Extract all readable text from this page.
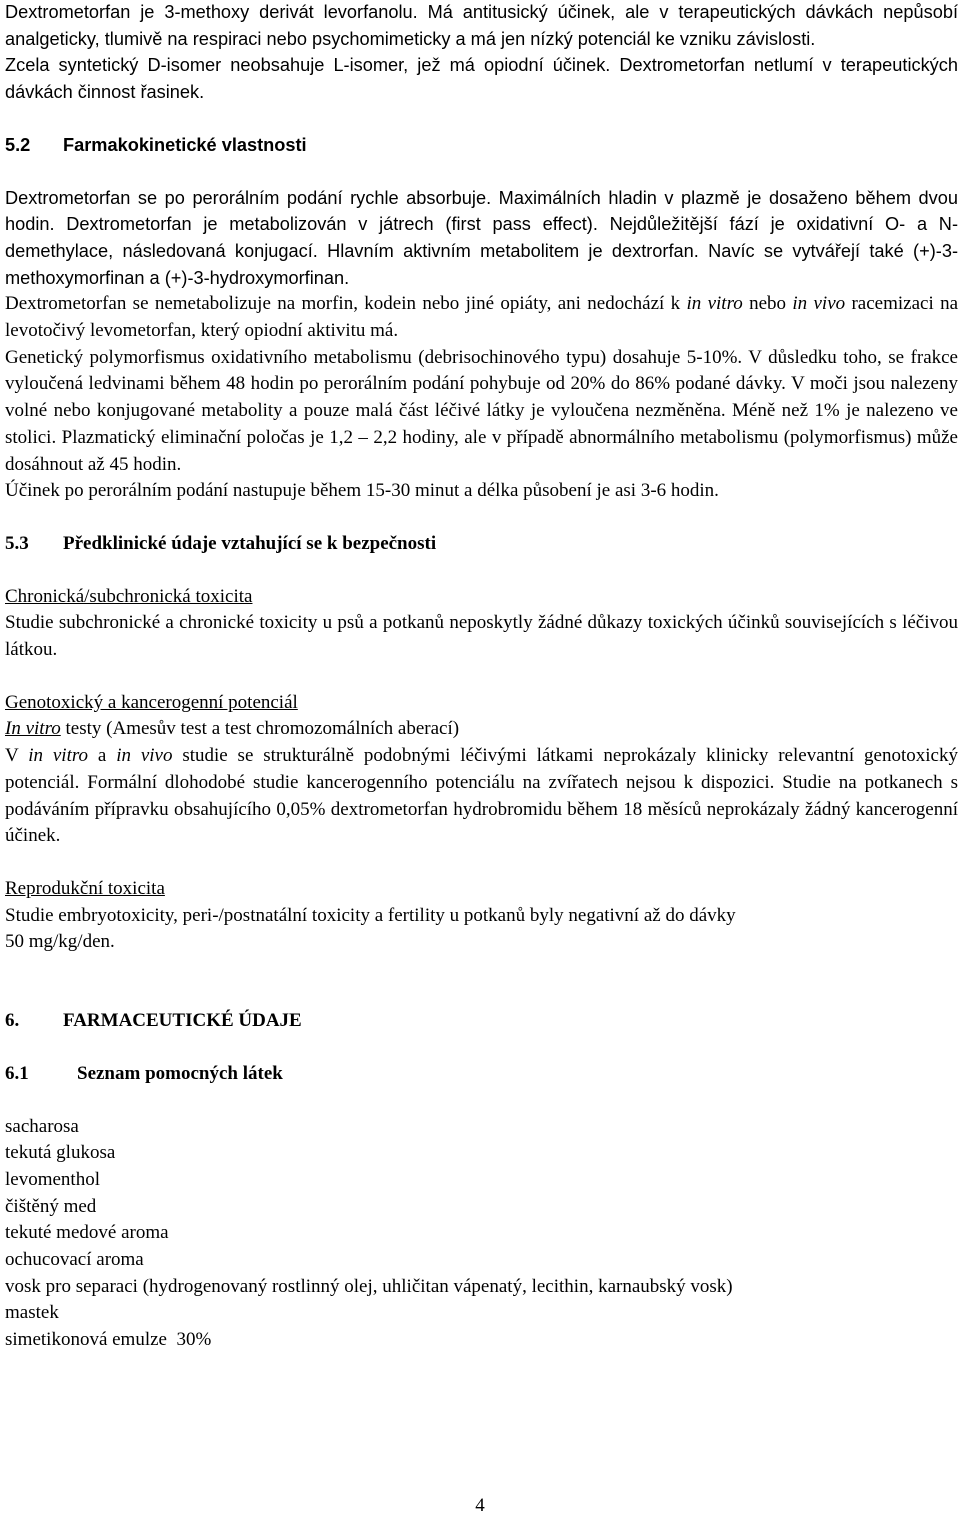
Dextrometorfan je 3-methoxy derivát levorfanolu. Má antitusický účinek, ale v terapeutických dávkách nepůsobí analgeticky, tlumivě na respiraci nebo psychomimeticky a má jen nízký potenciál ke vzniku závislosti.

Zcela syntetický D-isomer neobsahuje L-isomer, jež má opiodní účinek. Dextrometorfan netlumí v terapeutických dávkách činnost řasinek.

5.2 Farmakokinetické vlastnosti

Dextrometorfan se po perorálním podání rychle absorbuje. Maximálních hladin v plazmě je dosaženo během dvou hodin. Dextrometorfan je metabolizován v játrech (first pass effect). Nejdůležitější fází je oxidativní O- a N-demethylace, následovaná konjugací. Hlavním aktivním metabolitem je dextrorfan. Navíc se vytvářejí také (+)-3-methoxymorfinan a (+)-3-hydroxymorfinan.

Dextrometorfan se nemetabolizuje na morfin, kodein nebo jiné opiáty, ani nedochází k in vitro nebo in vivo racemizaci na levotočivý levometorfan, který opiodní aktivitu má.

Genetický polymorfismus oxidativního metabolismu (debrisochinového typu) dosahuje 5-10%. V důsledku toho, se frakce vyloučená ledvinami během 48 hodin po perorálním podání pohybuje od 20% do 86% podané dávky. V moči jsou nalezeny volné nebo konjugované metabolity a pouze malá část léčivé látky je vyloučena nezměněna. Méně než 1% je nalezeno ve stolici. Plazmatický eliminační poločas je 1,2 – 2,2 hodiny, ale v případě abnormálního metabolismu (polymorfismus) může dosáhnout až 45 hodin.

Účinek po perorálním podání nastupuje během 15-30 minut a délka působení je asi 3-6 hodin.

5.3 Předklinické údaje vztahující se k bezpečnosti

Chronická/subchronická toxicita

Studie subchronické a chronické toxicity u psů a potkanů neposkytly žádné důkazy toxických účinků souvisejících s léčivou látkou.

Genotoxický a kancerogenní potenciál

In vitro testy (Amesův test a test chromozomálních aberací)

V in vitro a in vivo studie se strukturálně podobnými léčivými látkami neprokázaly klinicky relevantní genotoxický potenciál. Formální dlohodobé studie kancerogenního potenciálu na zvířatech nejsou k dispozici. Studie na potkanech s podáváním přípravku obsahujícího 0,05% dextrometorfan hydrobromidu během 18 měsíců neprokázaly žádný kancerogenní účinek.

Reprodukční toxicita

Studie embryotoxicity, peri-/postnatální toxicity a fertility u potkanů byly negativní až do dávky

50 mg/kg/den.

6. FARMACEUTICKÉ ÚDAJE

6.1	Seznam pomocných látek

sacharosa
tekutá glukosa
levomenthol
čištěný med
tekuté medové aroma
ochucovací aroma
vosk pro separaci (hydrogenovaný rostlinný olej, uhličitan vápenatý, lecithin, karnaubský vosk)
mastek
simetikonová emulze  30%
4
